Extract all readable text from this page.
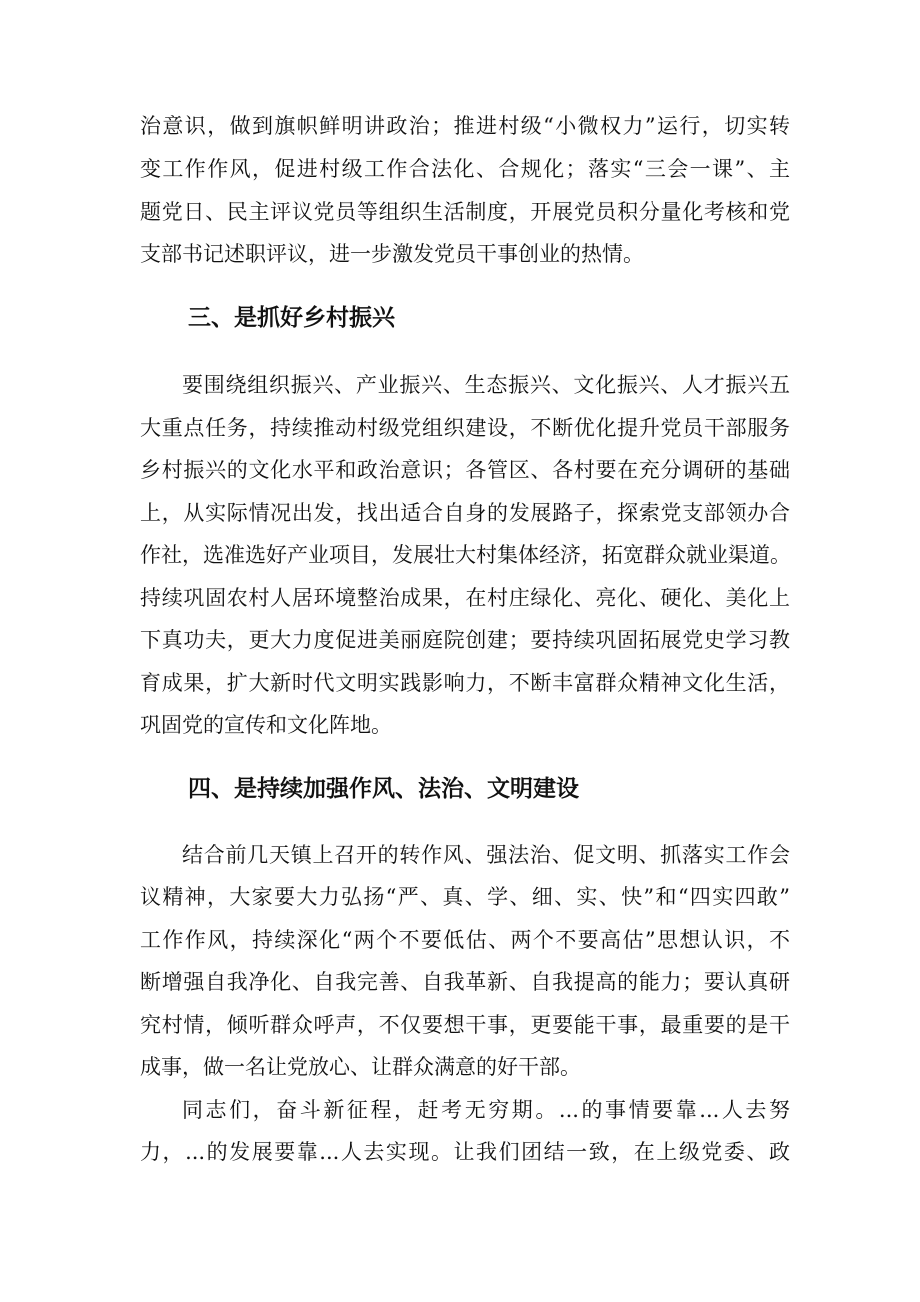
治意识，做到旗帜鲜明讲政治；推进村级“小微权力”运行，切实转
变工作作风，促进村级工作合法化、合规化；落实“三会一课”、主
题党日、民主评议党员等组织生活制度，开展党员积分量化考核和党
支部书记述职评议，进一步激发党员干事创业的热情。
三、是抓好乡村振兴
要围绕组织振兴、产业振兴、生态振兴、文化振兴、人才振兴五
大重点任务，持续推动村级党组织建设，不断优化提升党员干部服务
乡村振兴的文化水平和政治意识；各管区、各村要在充分调研的基础
上，从实际情况出发，找出适合自身的发展路子，探索党支部领办合
作社，选准选好产业项目，发展壮大村集体经济，拓宽群众就业渠道。
持续巩固农村人居环境整治成果，在村庄绿化、亮化、硬化、美化上
下真功夫，更大力度促进美丽庭院创建；要持续巩固拓展党史学习教
育成果，扩大新时代文明实践影响力，不断丰富群众精神文化生活，
巩固党的宣传和文化阵地。
四、是持续加强作风、法治、文明建设
结合前几天镇上召开的转作风、强法治、促文明、抓落实工作会
议精神，大家要大力弘扬“严、真、学、细、实、快”和“四实四敢”
工作作风，持续深化“两个不要低估、两个不要高估”思想认识，不
断增强自我净化、自我完善、自我革新、自我提高的能力；要认真研
究村情，倾听群众呼声，不仅要想干事，更要能干事，最重要的是干
成事，做一名让党放心、让群众满意的好干部。
同志们，奋斗新征程，赶考无穷期。...的事情要靠...人去努
力，...的发展要靠...人去实现。让我们团结一致，在上级党委、政
